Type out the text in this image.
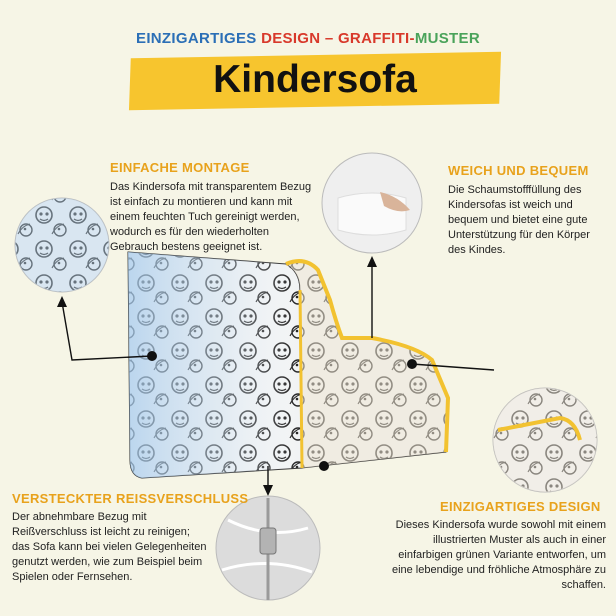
EINZIGARTIGES DESIGN – GRAFFITI-MUSTER
Kindersofa
EINFACHE MONTAGE
Das Kindersofa mit transparentem Bezug ist einfach zu montieren und kann mit einem feuchten Tuch gereinigt werden, wodurch es für den wiederholten Gebrauch bestens geeignet ist.
WEICH UND BEQUEM
Die Schaumstofffüllung des Kindersofas ist weich und bequem und bietet eine gute Unterstützung für den Körper des Kindes.
VERSTECKTER REISSVERSCHLUSS
Der abnehmbare Bezug mit Reißverschluss ist leicht zu reinigen; das Sofa kann bei vielen Gelegenheiten genutzt werden, wie zum Beispiel beim Spielen oder Fernsehen.
EINZIGARTIGES DESIGN
Dieses Kindersofa wurde sowohl mit einem illustrierten Muster als auch in einer einfarbigen grünen Variante entworfen, um eine lebendige und fröhliche Atmosphäre zu schaffen.
